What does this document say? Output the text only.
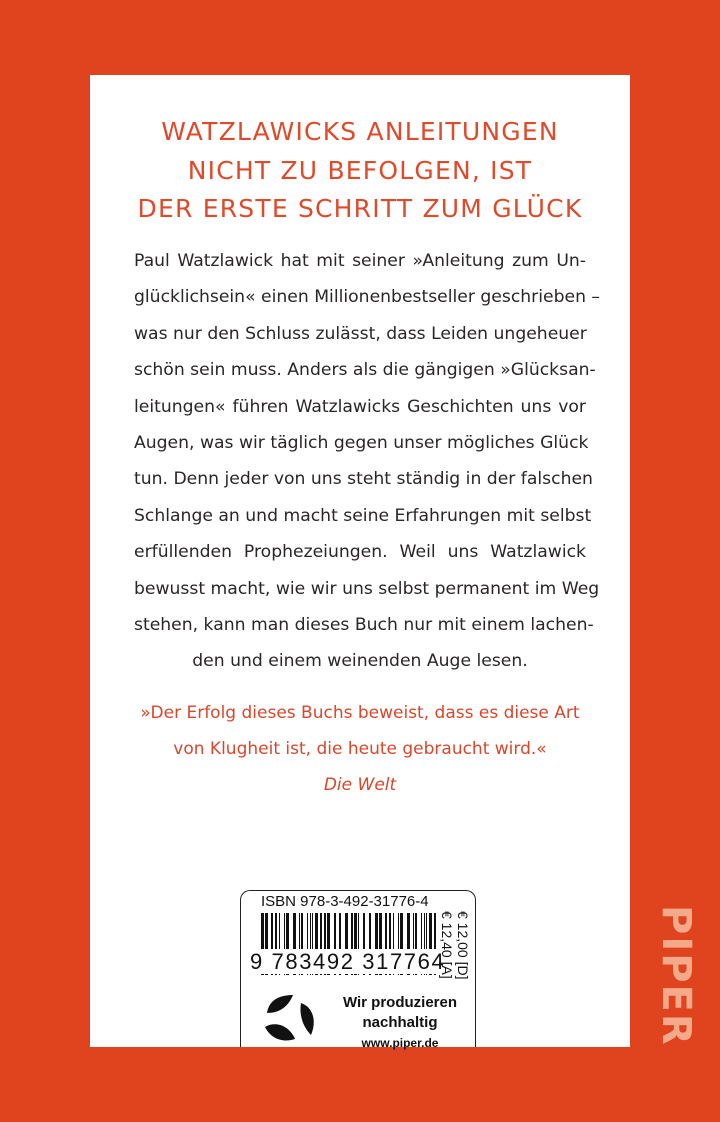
WATZLAWICKS ANLEITUNGEN
NICHT ZU BEFOLGEN, IST
DER ERSTE SCHRITT ZUM GLÜCK
Paul Watzlawick hat mit seiner »Anleitung zum Un-
glücklichsein« einen Millionenbestseller geschrieben –
was nur den Schluss zulässt, dass Leiden ungeheuer
schön sein muss. Anders als die gängigen »Glücksan-
leitungen« führen Watzlawicks Geschichten uns vor
Augen, was wir täglich gegen unser mögliches Glück
tun. Denn jeder von uns steht ständig in der falschen
Schlange an und macht seine Erfahrungen mit selbst
erfüllenden Prophezeiungen. Weil uns Watzlawick
bewusst macht, wie wir uns selbst permanent im Weg
stehen, kann man dieses Buch nur mit einem lachen-
den und einem weinenden Auge lesen.
»Der Erfolg dieses Buchs beweist, dass es diese Art
von Klugheit ist, die heute gebraucht wird.«
Die Welt
ISBN 978-3-492-31776-4
9 783492 317764 € 12,00 [D]
€ 12,40 [A]
Wir produzieren
nachhaltig
www.piper.de	PIPER
